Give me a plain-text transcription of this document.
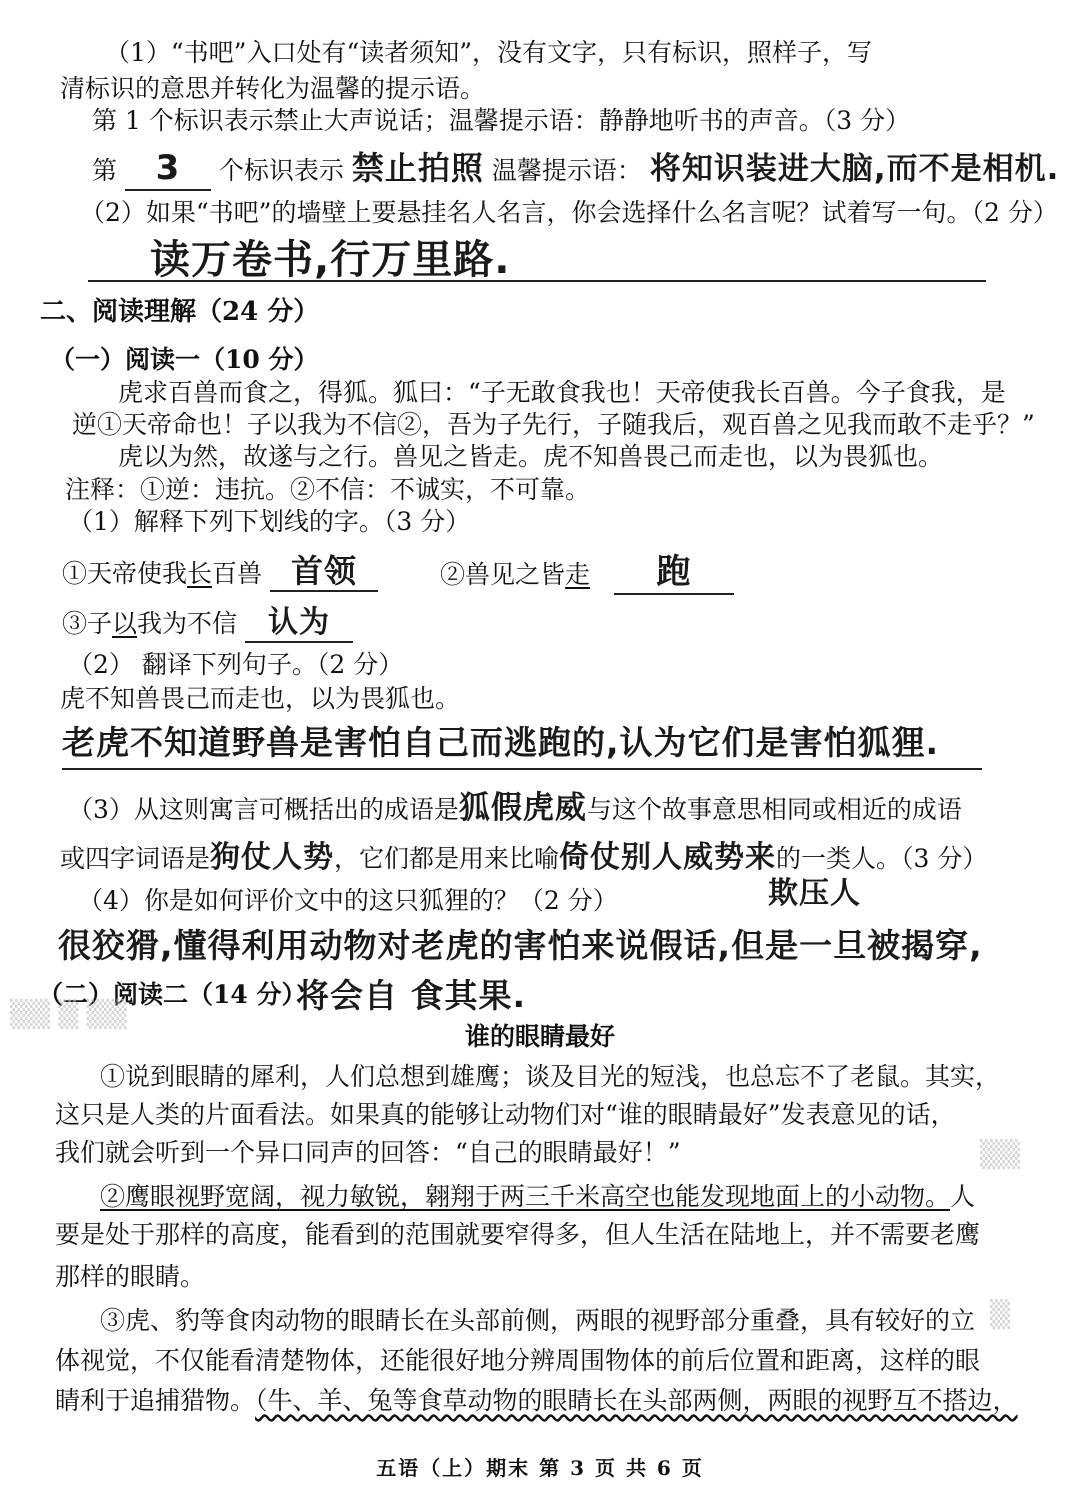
（1）“书吧”入口处有“读者须知”，没有文字，只有标识，照样子，写
清标识的意思并转化为温馨的提示语。
第 1 个标识表示禁止大声说话；温馨提示语：静静地听书的声音。（3 分）
第 3 个标识表示 禁止拍照 温馨提示语： 将知识装进大脑,而不是相机.
（2）如果“书吧”的墙壁上要悬挂名人名言，你会选择什么名言呢？试着写一句。（2 分）
读万卷书,行万里路.
二、阅读理解（24 分）
（一）阅读一（10 分）
虎求百兽而食之，得狐。狐曰：“子无敢食我也！天帝使我长百兽。今子食我，是
逆①天帝命也！子以我为不信②，吾为子先行，子随我后，观百兽之见我而敢不走乎？”
虎以为然，故遂与之行。兽见之皆走。虎不知兽畏己而走也，以为畏狐也。
注释：①逆：违抗。②不信：不诚实，不可靠。
（1）解释下列下划线的字。（3 分）
①天帝使我长百兽 首领	②兽见之皆走 跑
③子以我为不信 认为
（2） 翻译下列句子。（2 分）
虎不知兽畏己而走也，以为畏狐也。
老虎不知道野兽是害怕自己而逃跑的,认为它们是害怕狐狸.
（3）从这则寓言可概括出的成语是狐假虎威与这个故事意思相同或相近的成语
或四字词语是狗仗人势，它们都是用来比喻倚仗别人威势来的一类人。（3 分）
欺压人
（4）你是如何评价文中的这只狐狸的？（2 分）
很狡猾,懂得利用动物对老虎的害怕来说假话,但是一旦被揭穿,
（二）阅读二（14 分）
将会自 食其果.
谁的眼睛最好
▒▒ ▒ ▒▒
▒▒
▒
①说到眼睛的犀利，人们总想到雄鹰；谈及目光的短浅，也总忘不了老鼠。其实，
这只是人类的片面看法。如果真的能够让动物们对“谁的眼睛最好”发表意见的话，
我们就会听到一个异口同声的回答：“自己的眼睛最好！”
②鹰眼视野宽阔，视力敏锐，翱翔于两三千米高空也能发现地面上的小动物。人
要是处于那样的高度，能看到的范围就要窄得多，但人生活在陆地上，并不需要老鹰
那样的眼睛。
③虎、豹等食肉动物的眼睛长在头部前侧，两眼的视野部分重叠，具有较好的立
体视觉，不仅能看清楚物体，还能很好地分辨周围物体的前后位置和距离，这样的眼
睛利于追捕猎物。（牛、羊、兔等食草动物的眼睛长在头部两侧，两眼的视野互不搭边，
五语（上）期末 第 3 页 共 6 页
